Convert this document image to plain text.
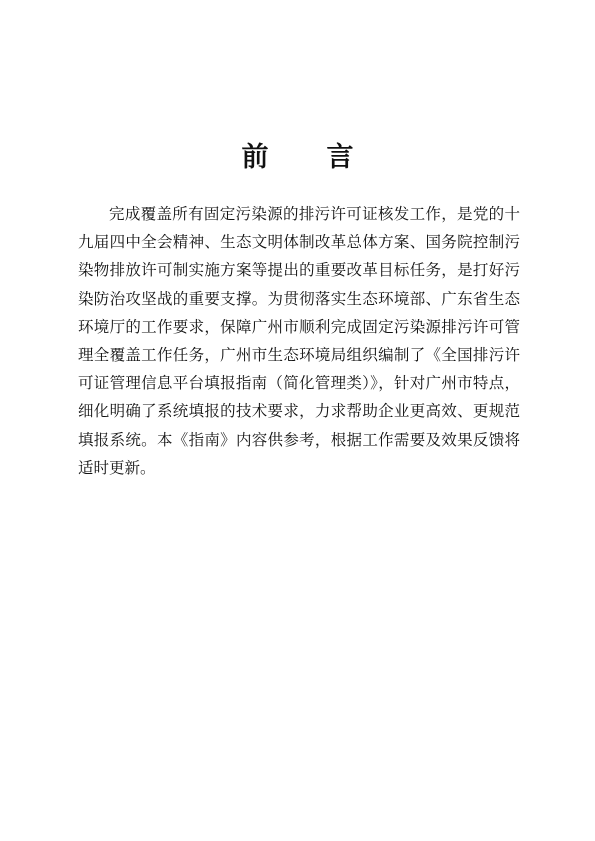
前 言

完成覆盖所有固定污染源的排污许可证核发工作，是党的十九届四中全会精神、生态文明体制改革总体方案、国务院控制污染物排放许可制实施方案等提出的重要改革目标任务，是打好污染防治攻坚战的重要支撑。为贯彻落实生态环境部、广东省生态环境厅的工作要求，保障广州市顺利完成固定污染源排污许可管理全覆盖工作任务，广州市生态环境局组织编制了《全国排污许可证管理信息平台填报指南（简化管理类）》，针对广州市特点，细化明确了系统填报的技术要求，力求帮助企业更高效、更规范填报系统。本《指南》内容供参考，根据工作需要及效果反馈将适时更新。
